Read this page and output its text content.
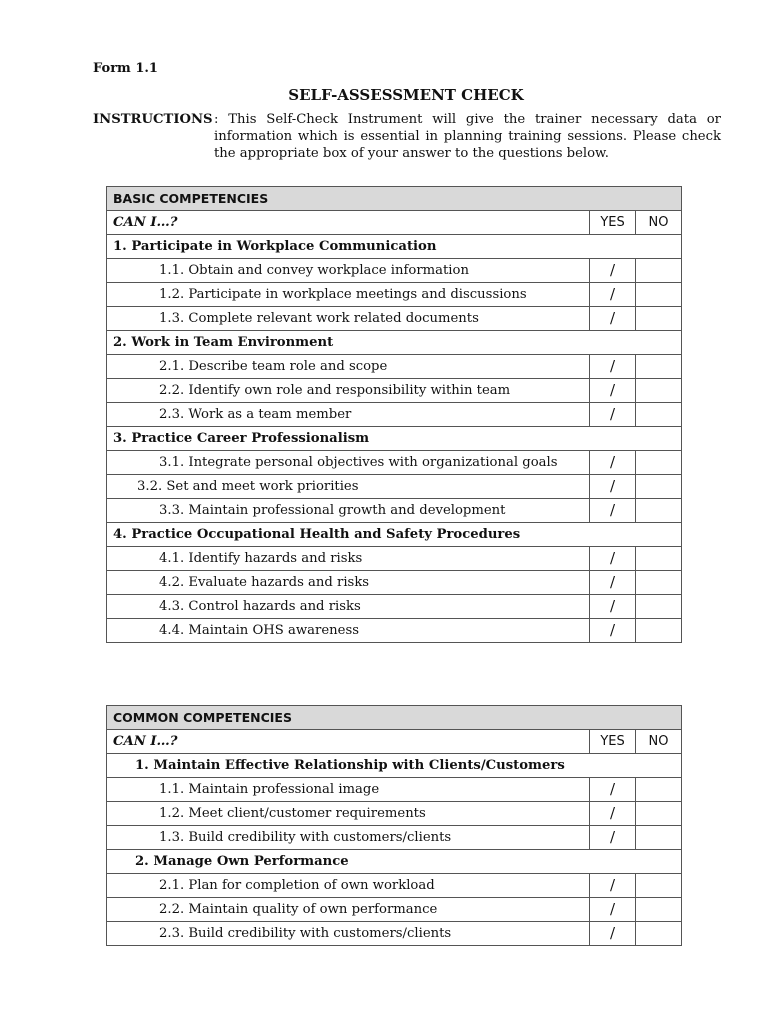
Form 1.1
SELF-ASSESSMENT CHECK
INSTRUCTIONS : This Self-Check Instrument will give the trainer necessary data or information which is essential in planning training sessions. Please check the appropriate box of your answer to the questions below.
BASIC COMPETENCIES		
CAN I…?	YES	NO
1. Participate in Workplace Communication		
1.1. Obtain and convey workplace information	/	
1.2. Participate in workplace meetings and discussions	/	
1.3. Complete relevant work related documents	/	
2. Work in Team Environment		
2.1. Describe team role and scope	/	
2.2. Identify own role and responsibility within team	/	
2.3. Work as a team member	/	
3. Practice Career Professionalism		
3.1. Integrate personal objectives with organizational goals	/	
3.2. Set and meet work priorities	/	
3.3. Maintain professional growth and development	/	
4. Practice Occupational Health and Safety Procedures		
4.1. Identify hazards and risks	/	
4.2. Evaluate hazards and risks	/	
4.3. Control hazards and risks	/	
4.4. Maintain OHS awareness	/	
COMMON COMPETENCIES		
CAN I…?	YES	NO
1. Maintain Effective Relationship with Clients/Customers		
1.1. Maintain professional image	/	
1.2. Meet client/customer requirements	/	
1.3. Build credibility with customers/clients	/	
2. Manage Own Performance		
2.1. Plan for completion of own workload	/	
2.2. Maintain quality of own performance	/	
2.3. Build credibility with customers/clients	/	
